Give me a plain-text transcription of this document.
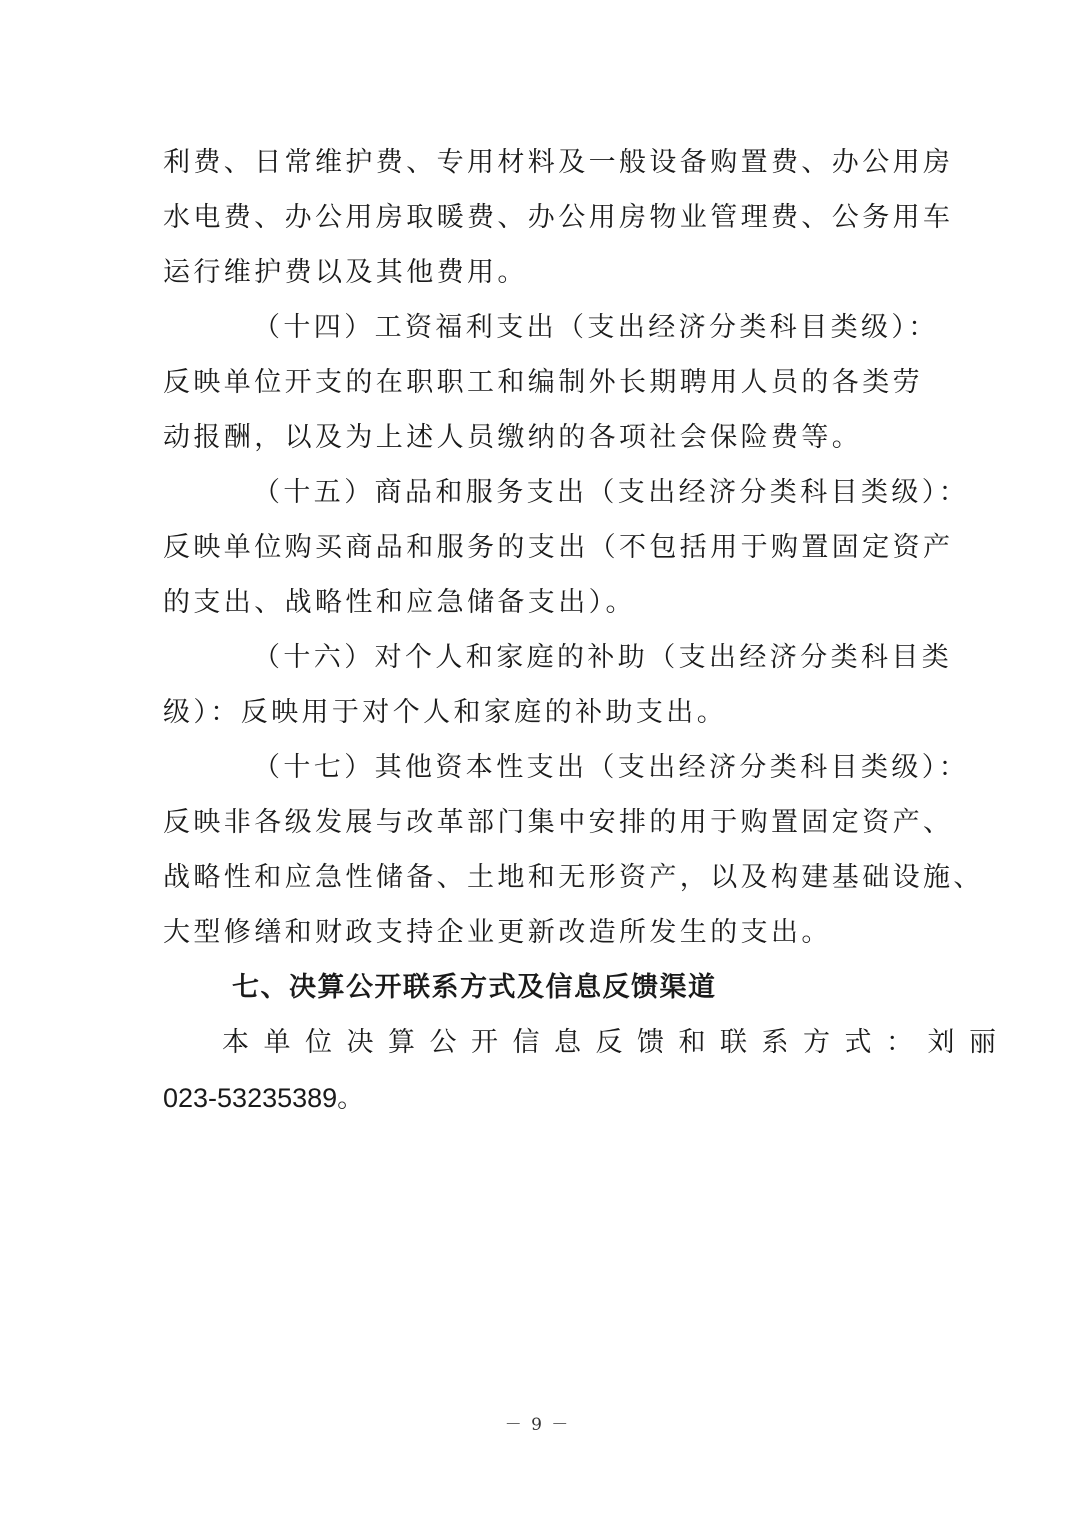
利费、日常维护费、专用材料及一般设备购置费、办公用房
水电费、办公用房取暖费、办公用房物业管理费、公务用车
运行维护费以及其他费用。
（十四）工资福利支出（支出经济分类科目类级）：
反映单位开支的在职职工和编制外长期聘用人员的各类劳
动报酬，以及为上述人员缴纳的各项社会保险费等。
（十五）商品和服务支出（支出经济分类科目类级）：
反映单位购买商品和服务的支出（不包括用于购置固定资产
的支出、战略性和应急储备支出）。
（十六）对个人和家庭的补助（支出经济分类科目类
级）：反映用于对个人和家庭的补助支出。
（十七）其他资本性支出（支出经济分类科目类级）：
反映非各级发展与改革部门集中安排的用于购置固定资产、
战略性和应急性储备、土地和无形资产，以及构建基础设施、
大型修缮和财政支持企业更新改造所发生的支出。
七、决算公开联系方式及信息反馈渠道
本单位决算公开信息反馈和联系方式：刘丽
023-53235389。
－ 9 －
